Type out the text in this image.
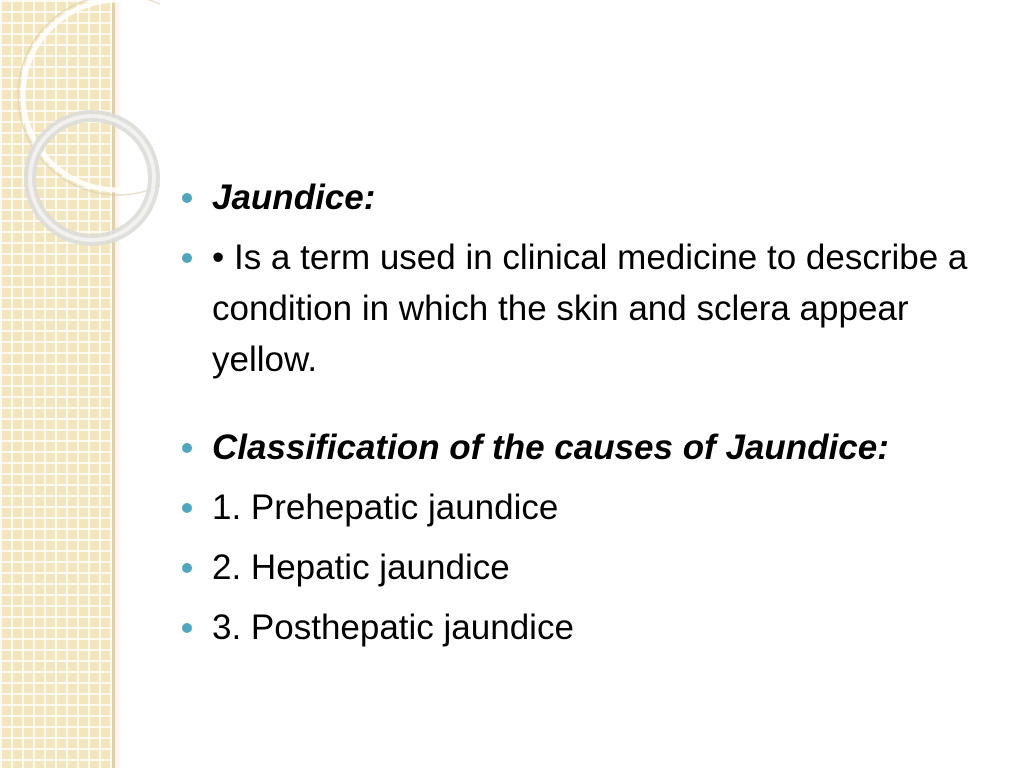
Jaundice:
• Is a term used in clinical medicine to describe a condition in which the skin and sclera appear yellow.
Classification of the causes of Jaundice:
1. Prehepatic jaundice
2. Hepatic jaundice
3. Posthepatic jaundice
